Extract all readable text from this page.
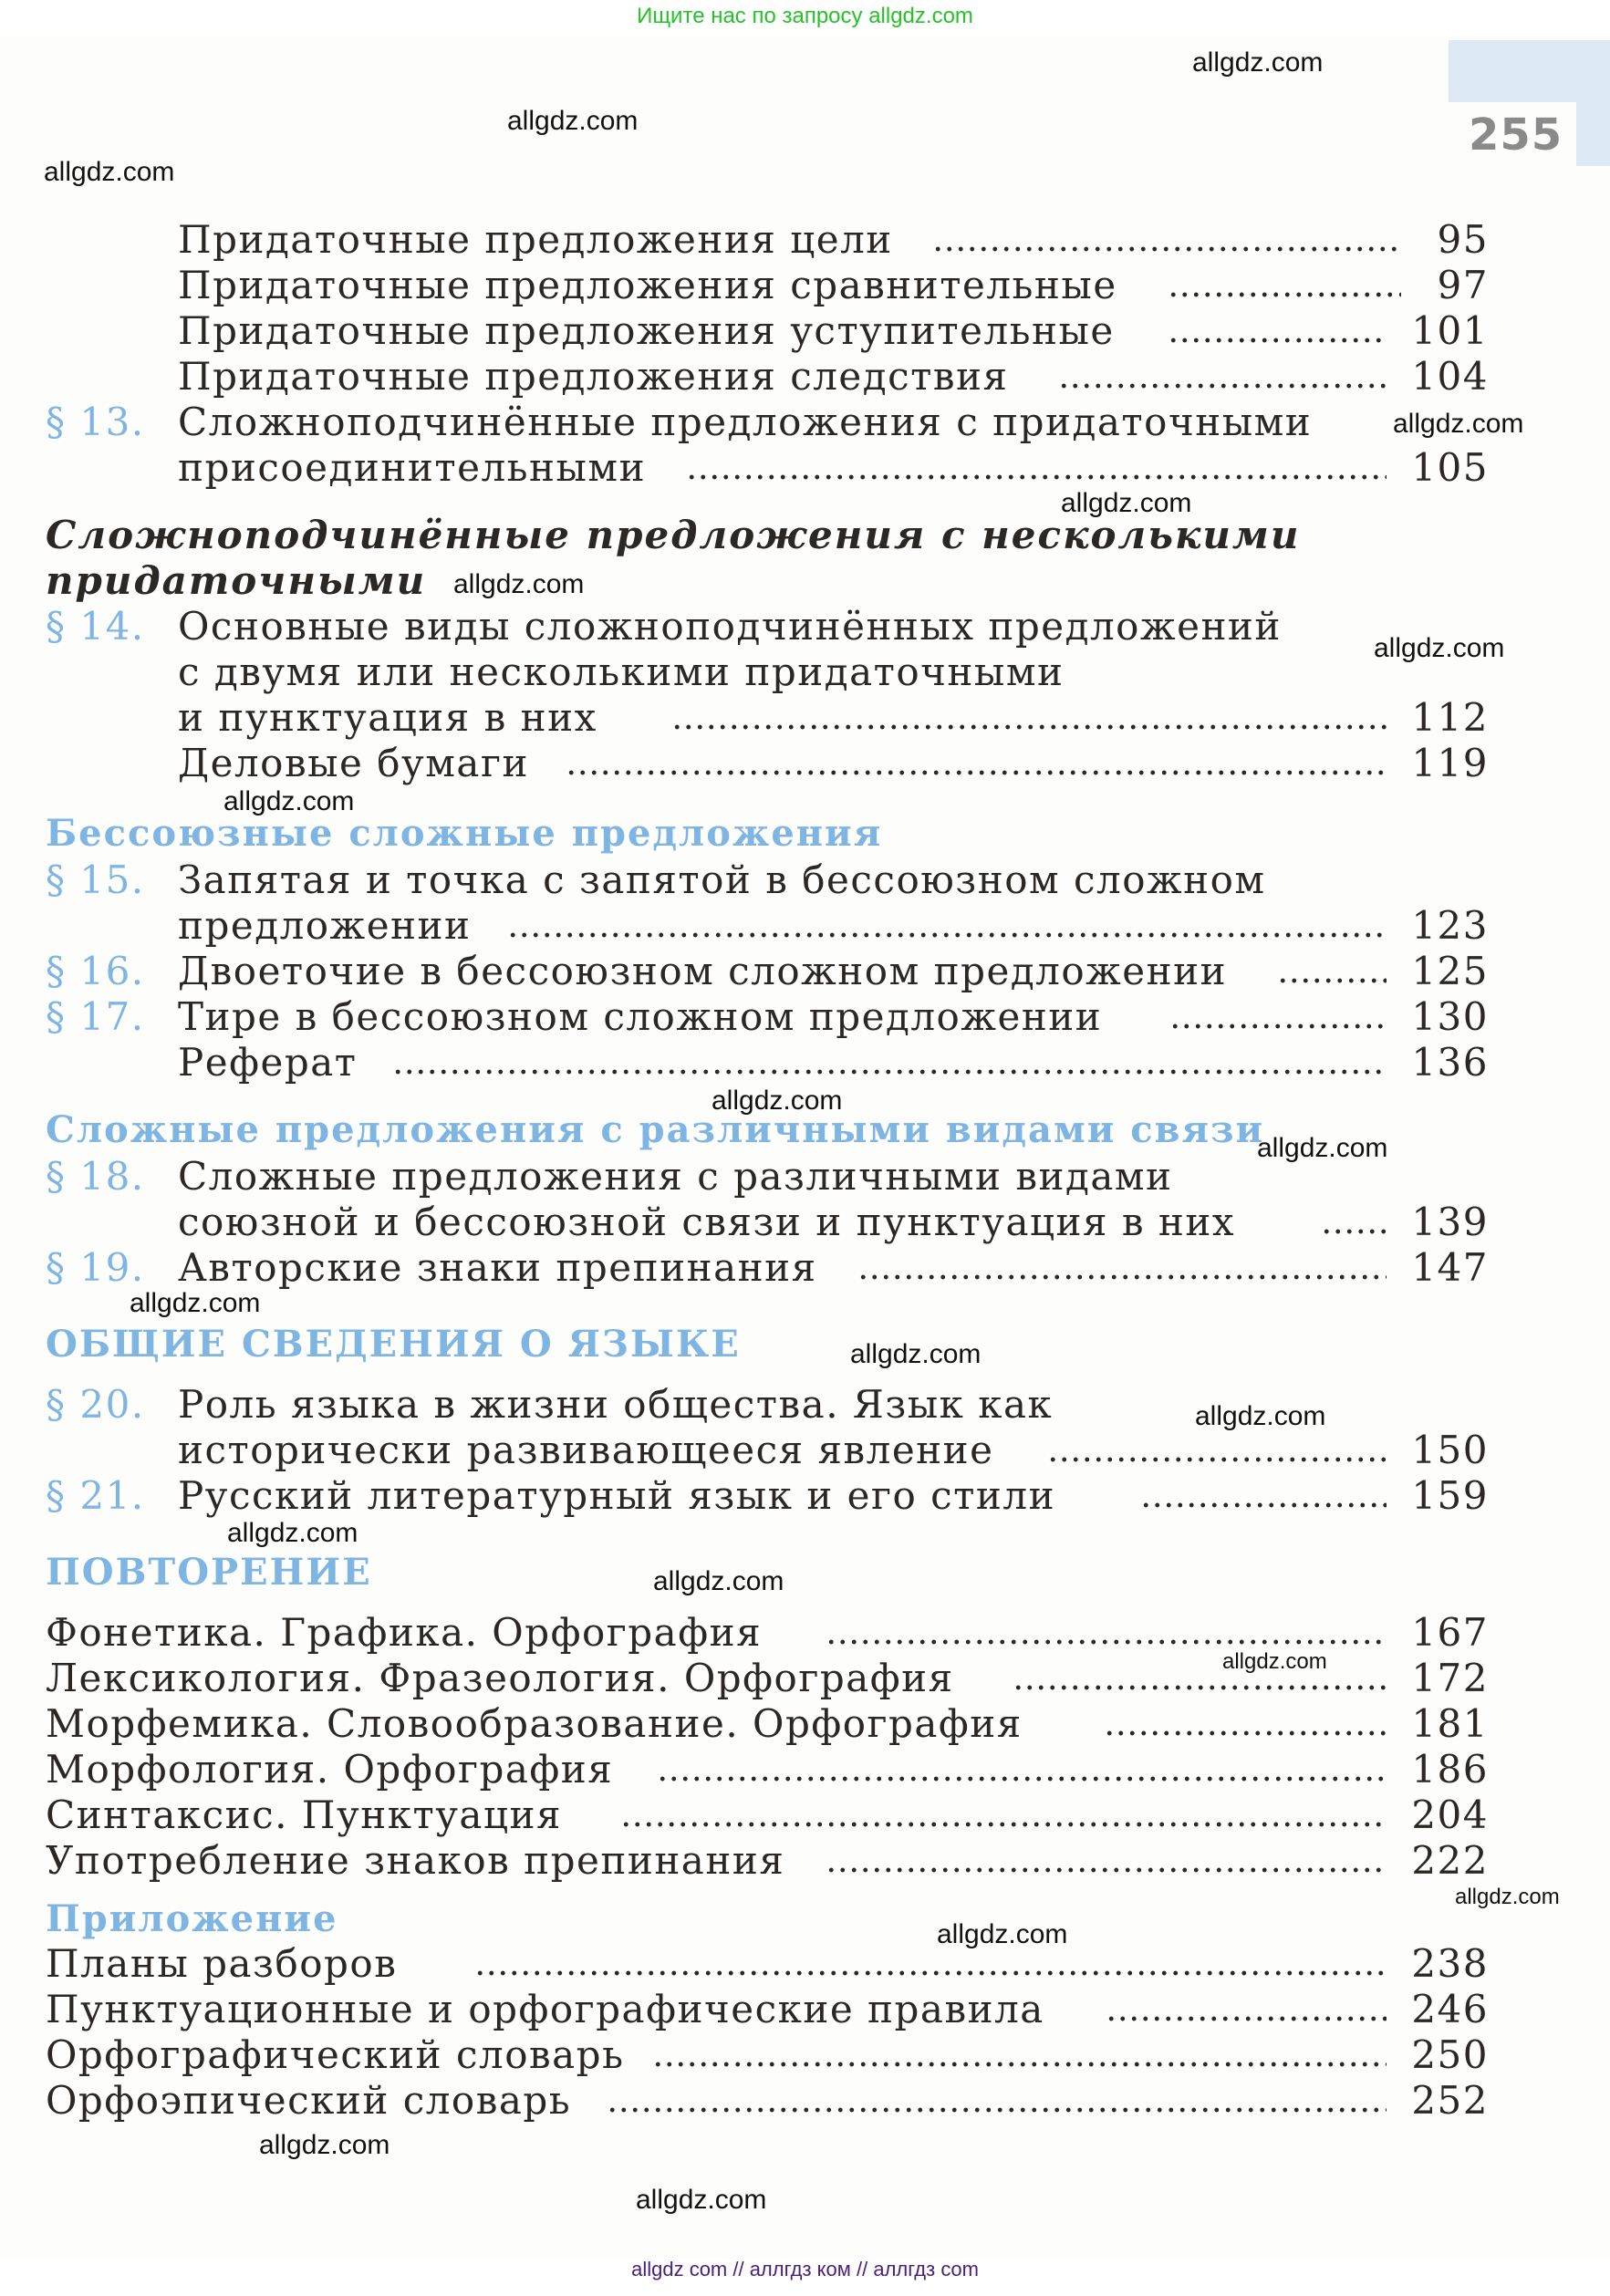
Ищите нас по запросу allgdz.com
255
Придаточные предложения цели	95
Придаточные предложения сравнительные	97
Придаточные предложения уступительные	101
Придаточные предложения следствия	104
§ 13. Сложноподчинённые предложения с придаточными
присоединительными	105
Сложноподчинённые предложения с несколькими
придаточными
§ 14. Основные виды сложноподчинённых предложений
с двумя или несколькими придаточными
и пунктуация в них	112
Деловые бумаги	119
Бессоюзные сложные предложения
§ 15. Запятая и точка с запятой в бессоюзном сложном
предложении	123
§ 16. Двоеточие в бессоюзном сложном предложении	125
§ 17. Тире в бессоюзном сложном предложении	130
Реферат	136
Сложные предложения с различными видами связи
§ 18. Сложные предложения с различными видами
союзной и бессоюзной связи и пунктуация в них	139
§ 19. Авторские знаки препинания	147
ОБЩИЕ СВЕДЕНИЯ О ЯЗЫКЕ
§ 20. Роль языка в жизни общества. Язык как
исторически развивающееся явление	150
§ 21. Русский литературный язык и его стили	159
ПОВТОРЕНИЕ
Фонетика. Графика. Орфография	167
Лексикология. Фразеология. Орфография	172
Морфемика. Словообразование. Орфография	181
Морфология. Орфография	186
Синтаксис. Пунктуация	204
Употребление знаков препинания	222
Приложение
Планы разборов	238
Пунктуационные и орфографические правила	246
Орфографический словарь	250
Орфоэпический словарь	252
allgdz.com
allgdz.com
allgdz.com
allgdz.com
allgdz.com
allgdz.com
allgdz.com
allgdz.com
allgdz.com
allgdz.com
allgdz.com
allgdz.com
allgdz.com
allgdz.com
allgdz.com
allgdz.com
allgdz.com
allgdz.com
allgdz.com
allgdz.com
allgdz com // аллгдз ком // аллгдз com
